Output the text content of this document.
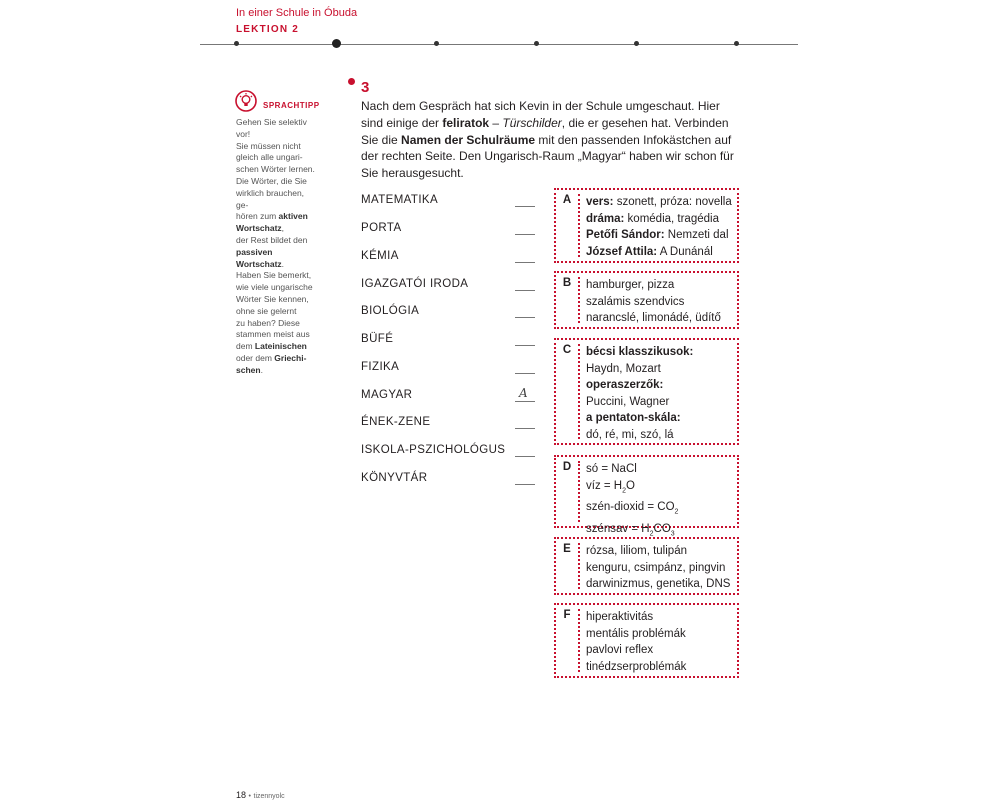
In einer Schule in Óbuda
LEKTION 2
SPRACHTIPP
Gehen Sie selektiv
vor!
Sie müssen nicht
gleich alle ungari-
schen Wörter lernen.
Die Wörter, die Sie
wirklich brauchen, ge-
hören zum aktiven
Wortschatz,
der Rest bildet den
passiven Wortschatz.
Haben Sie bemerkt,
wie viele ungarische
Wörter Sie kennen,
ohne sie gelernt
zu haben? Diese
stammen meist aus
dem Lateinischen
oder dem Griechi-
schen.
3
Nach dem Gespräch hat sich Kevin in der Schule umgeschaut. Hier sind einige der feliratok – Türschilder, die er gesehen hat. Verbinden Sie die Namen der Schulräume mit den passenden Infokästchen auf der rechten Seite. Den Ungarisch-Raum „Magyar“ haben wir schon für Sie herausgesucht.
MATEMATIKA
PORTA
KÉMIA
IGAZGATÓI IRODA
BIOLÓGIA
BÜFÉ
FIZIKA
MAGYAR	A
ÉNEK-ZENE
ISKOLA-PSZICHOLÓGUS
KÖNYVTÁR
A vers: szonett, próza: novella
dráma: komédia, tragédia
Petőfi Sándor: Nemzeti dal
József Attila: A Dunánál
B hamburger, pizza
szalámis szendvics
narancslé, limonádé, üdítő
C bécsi klasszikusok:
Haydn, Mozart
operaszerzők:
Puccini, Wagner
a pentaton-skála:
dó, ré, mi, szó, lá
D só = NaCl
víz = $H_2O$
szén-dioxid = $CO_2$
szénsav = $H_2CO_3$
E rózsa, liliom, tulipán
kenguru, csimpánz, pingvin
darwinizmus, genetika, DNS
F	hiperaktivitás
mentális problémák
pavlovi reflex
tinédzserproblémák
18 • tizennyolc
